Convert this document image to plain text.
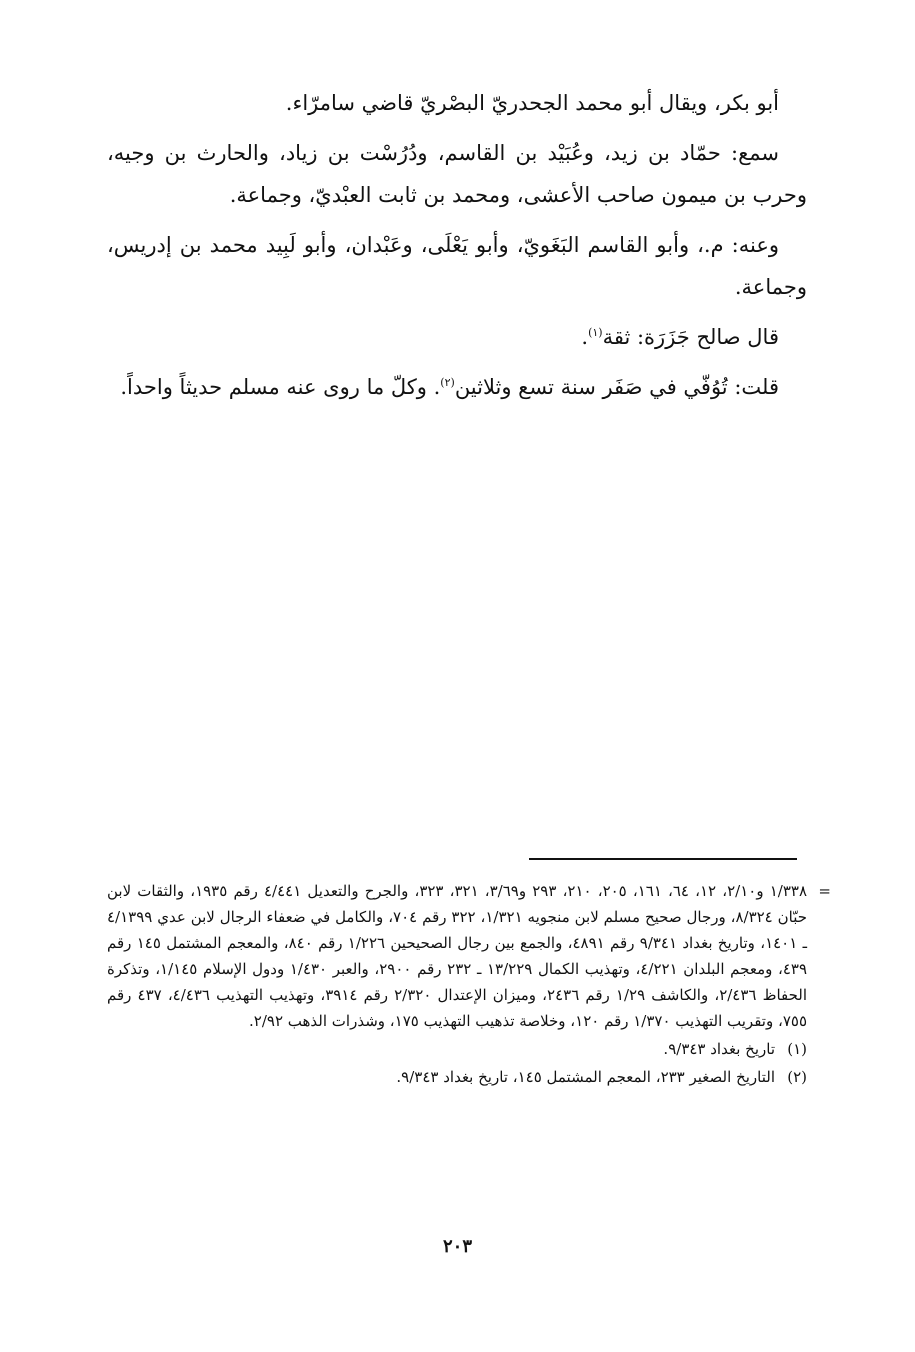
أبو بكر، ويقال أبو محمد الجحدريّ البصْريّ قاضي سامرّاء.

سمع: حمّاد بن زيد، وعُبَيْد بن القاسم، ودُرُسْت بن زياد، والحارث بن وجيه، وحرب بن ميمون صاحب الأعشى، ومحمد بن ثابت العبْديّ، وجماعة.

وعنه: م.، وأبو القاسم البَغَويّ، وأبو يَعْلَى، وعَبْدان، وأبو لَبِيد محمد بن إدريس، وجماعة.

قال صالح جَزَرَة: ثقة$^{(١)}$.

قلت: تُوُفّي في صَفَر سنة تسع وثلاثين$^{(٢)}$. وكلّ ما روى عنه مسلم حديثاً واحداً.

=
١/٣٣٨ و٢/١٠، ١٢، ٦٤، ١٦١، ٢٠٥، ٢١٠، ٢٩٣ و٣/٦٩، ٣٢١، ٣٢٣، والجرح والتعديل ٤/٤٤١ رقم ١٩٣٥، والثقات لابن حبّان ٨/٣٢٤، ورجال صحيح مسلم لابن منجويه ١/٣٢١، ٣٢٢ رقم ٧٠٤، والكامل في ضعفاء الرجال لابن عدي ٤/١٣٩٩ ـ ١٤٠١، وتاريخ بغداد ٩/٣٤١ رقم ٤٨٩١، والجمع بين رجال الصحيحين ١/٢٢٦ رقم ٨٤٠، والمعجم المشتمل ١٤٥ رقم ٤٣٩، ومعجم البلدان ٤/٢٢١، وتهذيب الكمال ١٣/٢٢٩ ـ ٢٣٢ رقم ٢٩٠٠، والعبر ١/٤٣٠ ودول الإسلام ١/١٤٥، وتذكرة الحفاظ ٢/٤٣٦، والكاشف ١/٢٩ رقم ٢٤٣٦، وميزان الإعتدال ٢/٣٢٠ رقم ٣٩١٤، وتهذيب التهذيب ٤/٤٣٦، ٤٣٧ رقم ٧٥٥، وتقريب التهذيب ١/٣٧٠ رقم ١٢٠، وخلاصة تذهيب التهذيب ١٧٥، وشذرات الذهب ٢/٩٢.
(١)
تاريخ بغداد ٩/٣٤٣.
(٢)
التاريخ الصغير ٢٣٣، المعجم المشتمل ١٤٥، تاريخ بغداد ٩/٣٤٣.
٢٠٣
